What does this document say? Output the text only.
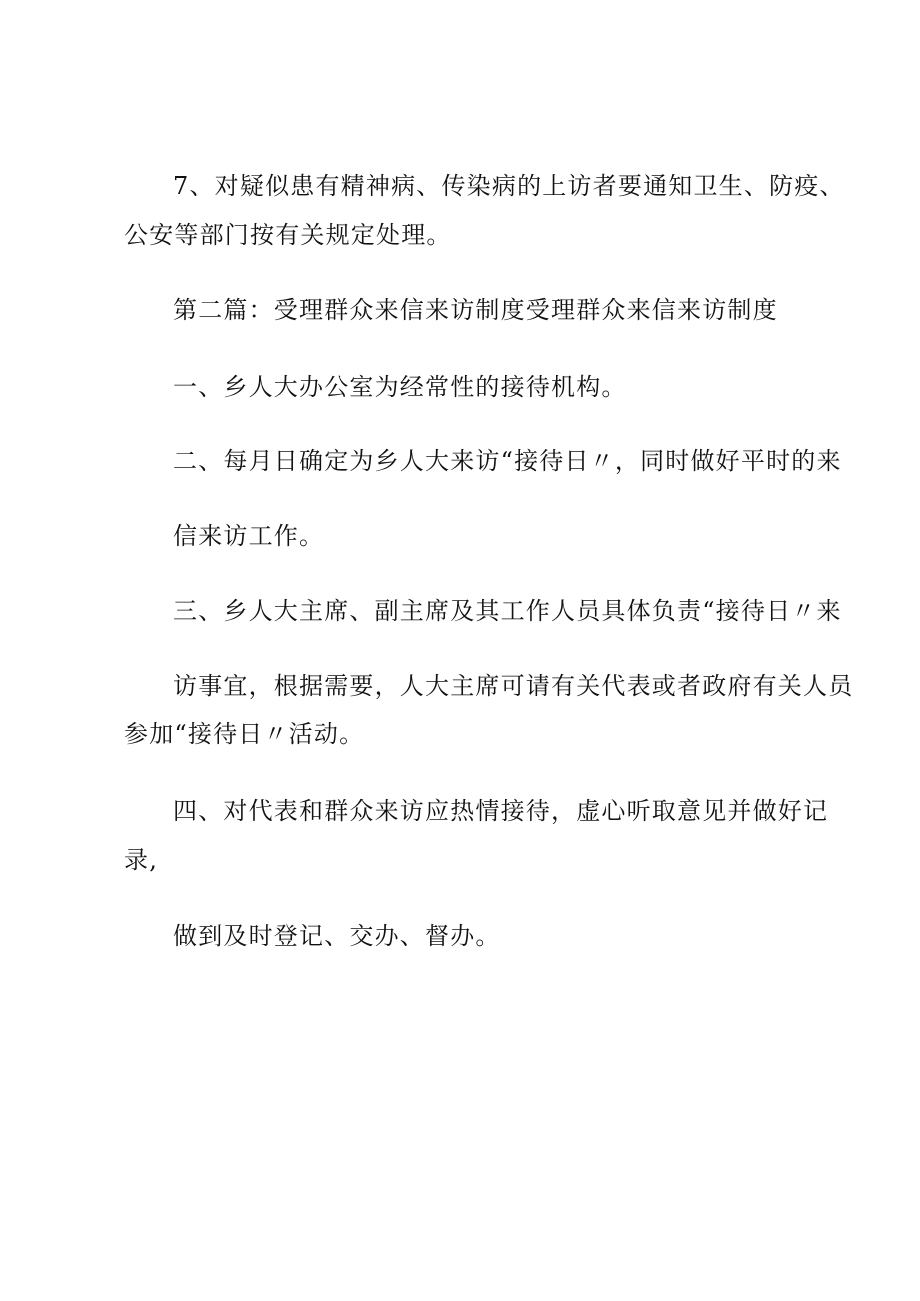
7、对疑似患有精神病、传染病的上访者要通知卫生、防疫、
公安等部门按有关规定处理。
第二篇：受理群众来信来访制度受理群众来信来访制度
一、乡人大办公室为经常性的接待机构。
二、每月日确定为乡人大来访“接待日〃，同时做好平时的来
信来访工作。
三、乡人大主席、副主席及其工作人员具体负责“接待日〃来
访事宜，根据需要，人大主席可请有关代表或者政府有关人员
参加“接待日〃活动。
四、对代表和群众来访应热情接待，虚心听取意见并做好记
录,
做到及时登记、交办、督办。
